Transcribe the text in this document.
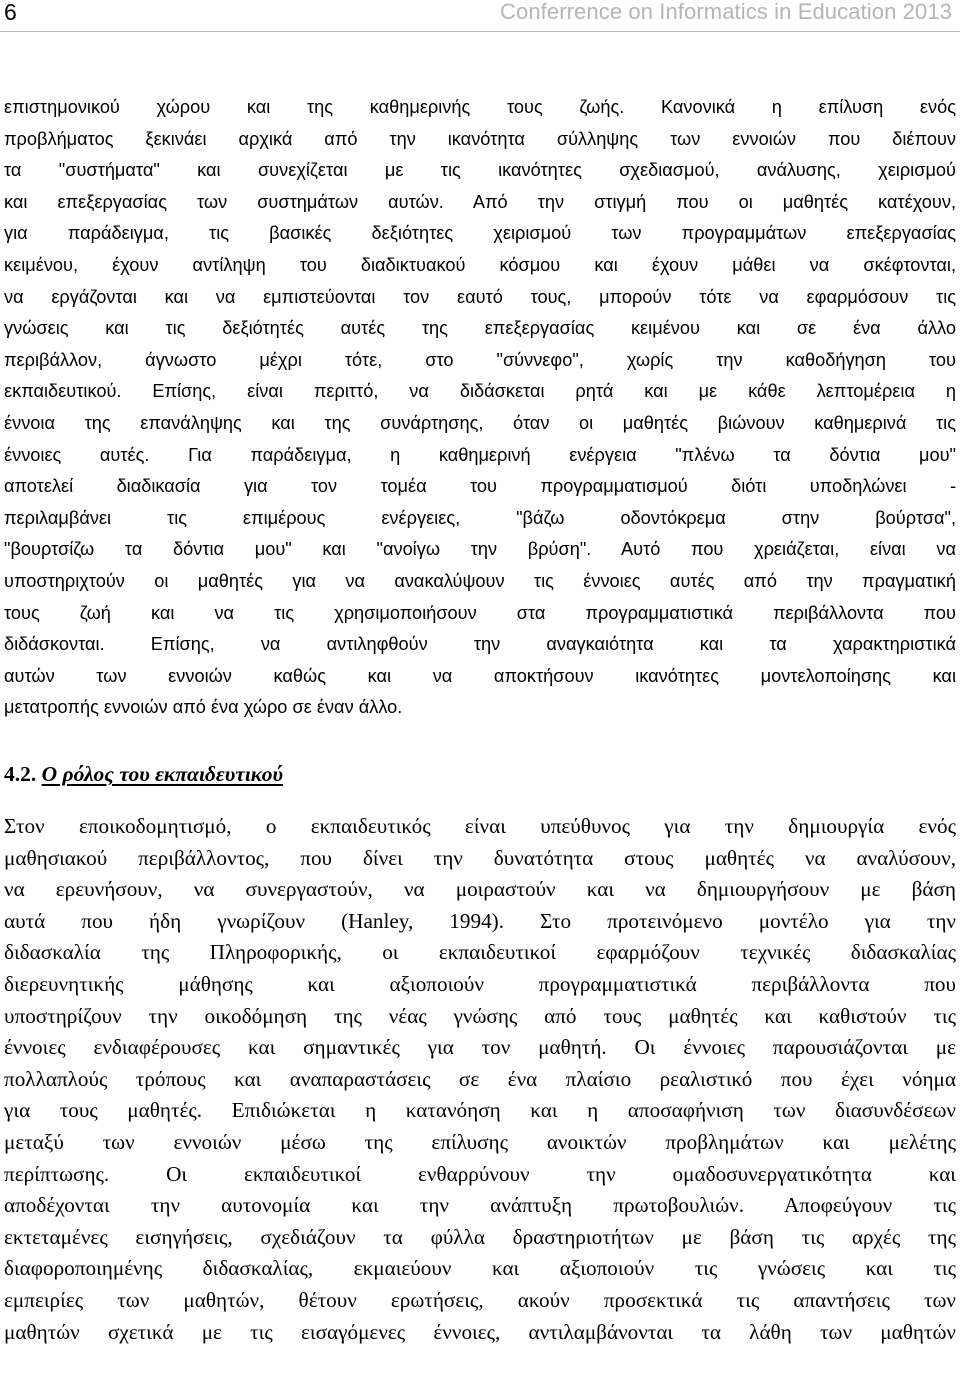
6	Conferrence on Informatics in Education 2013

επιστημονικού χώρου και της καθημερινής τους ζωής. Κανονικά η επίλυση ενός
προβλήματος ξεκινάει αρχικά από την ικανότητα σύλληψης των εννοιών που διέπουν
τα "συστήματα" και συνεχίζεται με τις ικανότητες σχεδιασμού, ανάλυσης, χειρισμού
και επεξεργασίας των συστημάτων αυτών. Από την στιγμή που οι μαθητές κατέχουν,
για παράδειγμα, τις βασικές δεξιότητες χειρισμού των προγραμμάτων επεξεργασίας
κειμένου, έχουν αντίληψη του διαδικτυακού κόσμου και έχουν μάθει να σκέφτονται,
να εργάζονται και να εμπιστεύονται τον εαυτό τους, μπορούν τότε να εφαρμόσουν τις
γνώσεις και τις δεξιότητές αυτές της επεξεργασίας κειμένου και σε ένα άλλο
περιβάλλον, άγνωστο μέχρι τότε, στο "σύννεφο", χωρίς την καθοδήγηση του
εκπαιδευτικού. Επίσης, είναι περιττό, να διδάσκεται ρητά και με κάθε λεπτομέρεια η
έννοια της επανάληψης και της συνάρτησης, όταν οι μαθητές βιώνουν καθημερινά τις
έννοιες αυτές. Για παράδειγμα, η καθημερινή ενέργεια "πλένω τα δόντια μου"
αποτελεί διαδικασία για τον τομέα του προγραμματισμού διότι υποδηλώνει -
περιλαμβάνει τις επιμέρους ενέργειες, "βάζω οδοντόκρεμα στην βούρτσα",
"βουρτσίζω τα δόντια μου" και "ανοίγω την βρύση". Αυτό που χρειάζεται, είναι να
υποστηριχτούν οι μαθητές για να ανακαλύψουν τις έννοιες αυτές από την πραγματική
τους ζωή και να τις χρησιμοποιήσουν στα προγραμματιστικά περιβάλλοντα που
διδάσκονται. Επίσης, να αντιληφθούν την αναγκαιότητα και τα χαρακτηριστικά
αυτών των εννοιών καθώς και να αποκτήσουν ικανότητες μοντελοποίησης και
μετατροπής εννοιών από ένα χώρο σε έναν άλλο.

4.2. Ο ρόλος του εκπαιδευτικού

Στον εποικοδομητισμό, ο εκπαιδευτικός είναι υπεύθυνος για την δημιουργία ενός
μαθησιακού περιβάλλοντος, που δίνει την δυνατότητα στους μαθητές να αναλύσουν,
να ερευνήσουν, να συνεργαστούν, να μοιραστούν και να δημιουργήσουν με βάση
αυτά που ήδη γνωρίζουν (Hanley, 1994). Στο προτεινόμενο μοντέλο για την
διδασκαλία της Πληροφορικής, οι εκπαιδευτικοί εφαρμόζουν τεχνικές διδασκαλίας
διερευνητικής μάθησης και αξιοποιούν προγραμματιστικά περιβάλλοντα που
υποστηρίζουν την οικοδόμηση της νέας γνώσης από τους μαθητές και καθιστούν τις
έννοιες ενδιαφέρουσες και σημαντικές για τον μαθητή. Οι έννοιες παρουσιάζονται με
πολλαπλούς τρόπους και αναπαραστάσεις σε ένα πλαίσιο ρεαλιστικό που έχει νόημα
για τους μαθητές. Επιδιώκεται η κατανόηση και η αποσαφήνιση των διασυνδέσεων
μεταξύ των εννοιών μέσω της επίλυσης ανοικτών προβλημάτων και μελέτης
περίπτωσης. Οι εκπαιδευτικοί ενθαρρύνουν την ομαδοσυνεργατικότητα και
αποδέχονται την αυτονομία και την ανάπτυξη πρωτοβουλιών. Αποφεύγουν τις
εκτεταμένες εισηγήσεις, σχεδιάζουν τα φύλλα δραστηριοτήτων με βάση τις αρχές της
διαφοροποιημένης διδασκαλίας, εκμαιεύουν και αξιοποιούν τις γνώσεις και τις
εμπειρίες των μαθητών, θέτουν ερωτήσεις, ακούν προσεκτικά τις απαντήσεις των
μαθητών σχετικά με τις εισαγόμενες έννοιες, αντιλαμβάνονται τα λάθη των μαθητών
